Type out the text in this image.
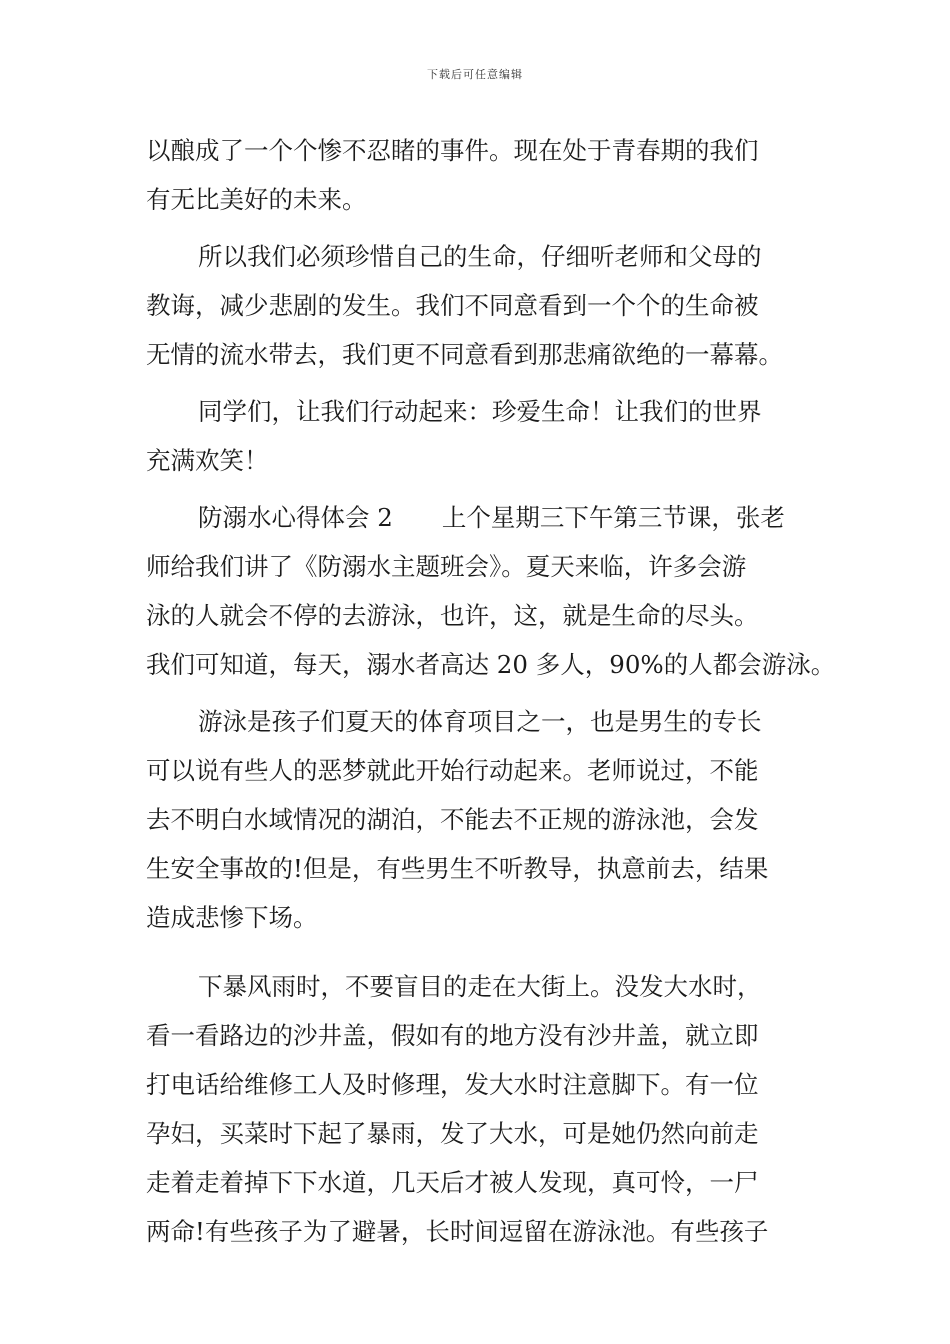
下载后可任意编辑
以酿成了一个个惨不忍睹的事件。现在处于青春期的我们
有无比美好的未来。
所以我们必须珍惜自己的生命，仔细听老师和父母的
教诲，减少悲剧的发生。我们不同意看到一个个的生命被
无情的流水带去，我们更不同意看到那悲痛欲绝的一幕幕。
同学们，让我们行动起来：珍爱生命！让我们的世界
充满欢笑！
防溺水心得体会 2　　上个星期三下午第三节课，张老
师给我们讲了《防溺水主题班会》。夏天来临，许多会游
泳的人就会不停的去游泳，也许，这，就是生命的尽头。
我们可知道，每天，溺水者高达 20 多人，90%的人都会游泳。
游泳是孩子们夏天的体育项目之一，也是男生的专长
可以说有些人的恶梦就此开始行动起来。老师说过，不能
去不明白水域情况的湖泊，不能去不正规的游泳池，会发
生安全事故的!但是，有些男生不听教导，执意前去，结果
造成悲惨下场。
下暴风雨时，不要盲目的走在大街上。没发大水时，
看一看路边的沙井盖，假如有的地方没有沙井盖，就立即
打电话给维修工人及时修理，发大水时注意脚下。有一位
孕妇，买菜时下起了暴雨，发了大水，可是她仍然向前走
走着走着掉下下水道，几天后才被人发现，真可怜，一尸
两命!有些孩子为了避暑，长时间逗留在游泳池。有些孩子
